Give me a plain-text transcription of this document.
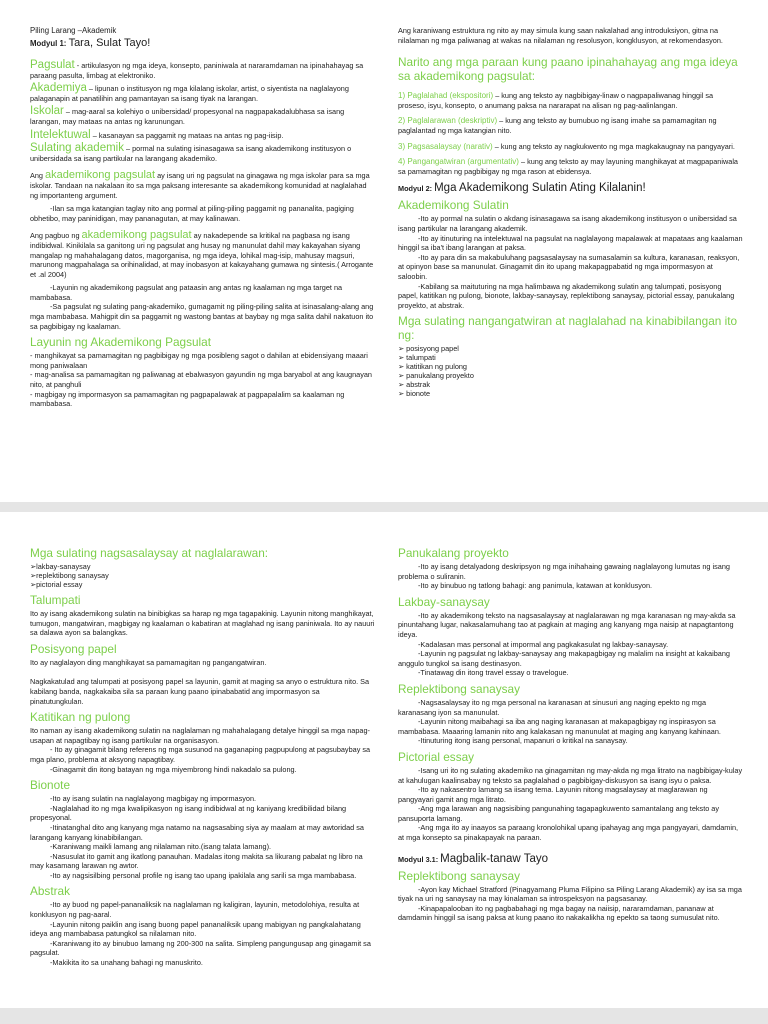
Piling Larang –Akademik

Modyul 1: Tara, Sulat Tayo!

Pagsulat - artikulasyon ng mga ideya, konsepto, paniniwala at nararamdaman na ipinahahayag sa paraang pasulta, limbag at elektroniko.

Akademiya – lipunan o institusyon ng mga kilalang iskolar, artist, o siyentista na naglalayong palaganapin at panatilihin ang pamantayan sa isang tiyak na larangan.

Iskolar – mag-aaral sa kolehiyo o unibersidad/ propesyonal na nagpapakadalubhasa sa isang larangan, may mataas na antas ng karunungan.

Intelektuwal – kasanayan sa paggamit ng mataas na antas ng pag-iisip.

Sulating akademik – pormal na sulating isinasagawa sa isang akademikong institusyon o unibersidada sa isang partikular na larangang akademiko.

Ang akademikong pagsulat ay isang uri ng pagsulat na ginagawa ng mga iskolar para sa mga iskolar. Tandaan na nakalaan ito sa mga paksang interesante sa akademikong komunidad at naglalahad ng importanteng argument.

-Ilan sa mga katangian taglay nito ang pormal at piling-piling paggamit ng pananalita, pagiging obhetibo, may paninidigan, may pananagutan, at may kalinawan.

Ang pagbuo ng akademikong pagsulat ay nakadepende sa kritikal na pagbasa ng isang indibidwal. Kinikilala sa ganitong uri ng pagsulat ang husay ng manunulat dahil may kakayahan siyang mangalap ng mahahalagang datos, magorganisa, ng mga ideya, lohikal mag-isip, mahusay magsuri, marunong magpahalaga sa orihinalidad, at may inobasyon at kakayahang gumawa ng sintesis.( Arrogante et .al 2004)

-Layunin ng akademikong pagsulat ang pataasin ang antas ng kaalaman ng mga target na mambabasa.

-Sa pagsulat ng sulating pang-akademiko, gumagamit ng piling-piling salita at isinasalang-alang ang mga mambabasa. Mahigpit din sa paggamit ng wastong bantas at baybay ng mga salita dahil nakatuon ito sa pagbibigay ng kaalaman.

Layunin ng Akademikong Pagsulat

- manghikayat sa pamamagitan ng pagbibigay ng mga posibleng sagot o dahilan at ebidensiyang maaari mong paniwalaan

- mag-analisa sa pamamagitan ng paliwanag at ebalwasyon gayundin ng mga baryabol at ang kaugnayan nito, at panghuli

- magbigay ng impormasyon sa pamamagitan ng pagpapalawak at pagpapalalim sa kaalaman ng mambabasa.

Ang karaniwang estruktura ng nito ay may simula kung saan nakalahad ang introduksiyon, gitna na nilalaman ng mga paliwanag at wakas na nilalaman ng resolusyon, kongklusyon, at rekomendasyon.

Narito ang mga paraan kung paano ipinahahayag ang mga ideya sa akademikong pagsulat:

1) Paglalahad (ekspositori) – kung ang teksto ay nagbibigay-linaw o nagpapaliwanag hinggil sa proseso, isyu, konsepto, o anumang paksa na nararapat na alisan ng pag-aalinlangan.

2) Paglalarawan (deskriptiv) – kung ang teksto ay bumubuo ng isang imahe sa pamamagitan ng paglalantad ng mga katangian nito.

3) Pagsasalaysay (narativ) – kung ang teksto ay nagkukwento ng mga magkakaugnay na pangyayari.

4) Pangangatwiran (argumentativ) – kung ang teksto ay may layuning manghikayat at magpapaniwala sa pamamagitan ng pagbibigay ng mga rason at ebidensya.

Modyul 2: Mga Akademikong Sulatin Ating Kilalanin!

Akademikong Sulatin

-Ito ay pormal na sulatin o akdang isinasagawa sa isang akademikong institusyon o unibersidad sa isang partikular na larangang akademik.

-Ito ay itinuturing na intelektuwal na pagsulat na naglalayong mapalawak at mapataas ang kaalaman hinggil sa iba't ibang larangan at paksa.

-Ito ay para din sa makabuluhang pagsasalaysay na sumasalamin sa kultura, karanasan, reaksyon, at opinyon base sa manunulat. Ginagamit din ito upang makapagpabatid ng mga impormasyon at saloobin.

-Kabilang sa maituturing na mga halimbawa ng akademikong sulatin ang talumpati, posisyong papel, katitikan ng pulong, bionote, lakbay-sanaysay, replektibong sanaysay, pictorial essay, panukalang proyekto, at abstrak.

Mga sulating nangangatwiran at naglalahad na kinabibilangan ito ng:

➢ posisyong papel
➢ talumpati
➢ katitikan ng pulong
➢ panukalang proyekto
➢ abstrak
➢ bionote

Mga sulating nagsasalaysay at naglalarawan:

➢lakbay-sanaysay
➢replektibong sanaysay
➢pictorial essay

Talumpati

Ito ay isang akademikong sulatin na binibigkas sa harap ng mga tagapakinig. Layunin nitong manghikayat, tumugon, mangatwiran, magbigay ng kaalaman o kabatiran at maglahad ng isang paniniwala. Ito ay nauuri sa dalawa ayon sa balangkas.

Posisyong papel

Ito ay naglalayon ding manghikayat sa pamamagitan ng pangangatwiran.

Nagkakatulad ang talumpati at posisyong papel sa layunin, gamit at maging sa anyo o estruktura nito. Sa kabilang banda, nagkakaiba sila sa paraan kung paano ipinababatid ang impormasyon sa pinatutungkulan.

Katitikan ng pulong

Ito naman ay isang akademikong sulatin na naglalaman ng mahahalagang detalye hinggil sa mga napag-usapan at napagtibay ng isang partikular na organisasyon.

- Ito ay ginagamit bilang referens ng mga susunod na gaganaping pagpupulong at pagsubaybay sa mga plano, problema at aksyong napagtibay.

-Ginagamit din itong batayan ng mga miyembrong hindi nakadalo sa pulong.

Bionote

-Ito ay isang sulatin na naglalayong magbigay ng impormasyon.

-Naglalahad ito ng mga kwalipikasyon ng isang indibidwal at ng kaniyang kredibilidad bilang propesyonal.

-Itinatanghal dito ang kanyang mga natamo na nagsasabing siya ay maalam at may awtoridad sa larangang kanyang kinabibilangan.

-Karaniwang maikli lamang ang nilalaman nito.(isang talata lamang).

-Nasusulat ito gamit ang ikatlong panauhan. Madalas itong makita sa likurang pabalat ng libro na may kasamang larawan ng awtor.

-Ito ay nagsisilbing personal profile ng isang tao upang ipakilala ang sarili sa mga mambabasa.

Abstrak

-Ito ay buod ng papel-pananaliksik na naglalaman ng kaligiran, layunin, metodolohiya, resulta at konklusyon ng pag-aaral.

-Layunin nitong paiklin ang isang buong papel pananaliksik upang mabigyan ng pangkalahatang ideya ang mambabasa patungkol sa nilalaman nito.

-Karaniwang ito ay binubuo lamang ng 200-300 na salita. Simpleng pangungusap ang ginagamit sa pagsulat.

-Makikita ito sa unahang bahagi ng manuskrito.

Panukalang proyekto

-Ito ay isang detalyadong deskripsyon ng mga inihahaing gawaing naglalayong lumutas ng isang problema o suliranin.

-Ito ay binubuo ng tatlong bahagi: ang panimula, katawan at konklusyon.

Lakbay-sanaysay

-Ito ay akademikong teksto na nagsasalaysay at naglalarawan ng mga karanasan ng may-akda sa pinuntahang lugar, nakasalamuhang tao at pagkain at maging ang kanyang mga naisip at napagtantong ideya.

-Kadalasan mas personal at impormal ang pagkakasulat ng lakbay-sanaysay.

-Layunin ng pagsulat ng lakbay-sanaysay ang makapagbigay ng malalim na insight at kakaibang anggulo tungkol sa isang destinasyon.

-Tinatawag din itong travel essay o travelogue.

Replektibong sanaysay

-Nagsasalaysay ito ng mga personal na karanasan at sinusuri ang naging epekto ng mga karanasang iyon sa manunulat.

-Layunin nitong maibahagi sa iba ang naging karanasan at makapagbigay ng inspirasyon sa mambabasa. Maaaring lamanin nito ang kalakasan ng manunulat at maging ang kanyang kahinaan.

-Itinuturing itong isang personal, mapanuri o kritikal na sanaysay.

Pictorial essay

-Isang uri ito ng sulating akademiko na ginagamitan ng may-akda ng mga litrato na nagbibigay-kulay at kahulugan kaalinsabay ng teksto sa paglalahad o pagbibigay-diskusyon sa isang isyu o paksa.

-Ito ay nakasentro lamang sa iisang tema. Layunin nitong magsalaysay at maglarawan ng pangyayari gamit ang mga litrato.

-Ang mga larawan ang nagsisibing pangunahing tagapagkuwento samantalang ang teksto ay pansuporta lamang.

-Ang mga ito ay inaayos sa paraang kronolohikal upang ipahayag ang mga pangyayari, damdamin, at mga konsepto sa pinakapayak na paraan.

Modyul 3.1: Magbalik-tanaw Tayo

Replektibong sanaysay

-Ayon kay Michael Stratford (Pinagyamang Pluma Filipino sa Piling Larang Akademik) ay isa sa mga tiyak na uri ng sanaysay na may kinalaman sa introspeksyon na pagsasanay.

-Kinapapalooban ito ng pagbabahagi ng mga bagay na naiisip, nararamdaman, pananaw at damdamin hinggil sa isang paksa at kung paano ito nakakalikha ng epekto sa taong sumusulat nito.
